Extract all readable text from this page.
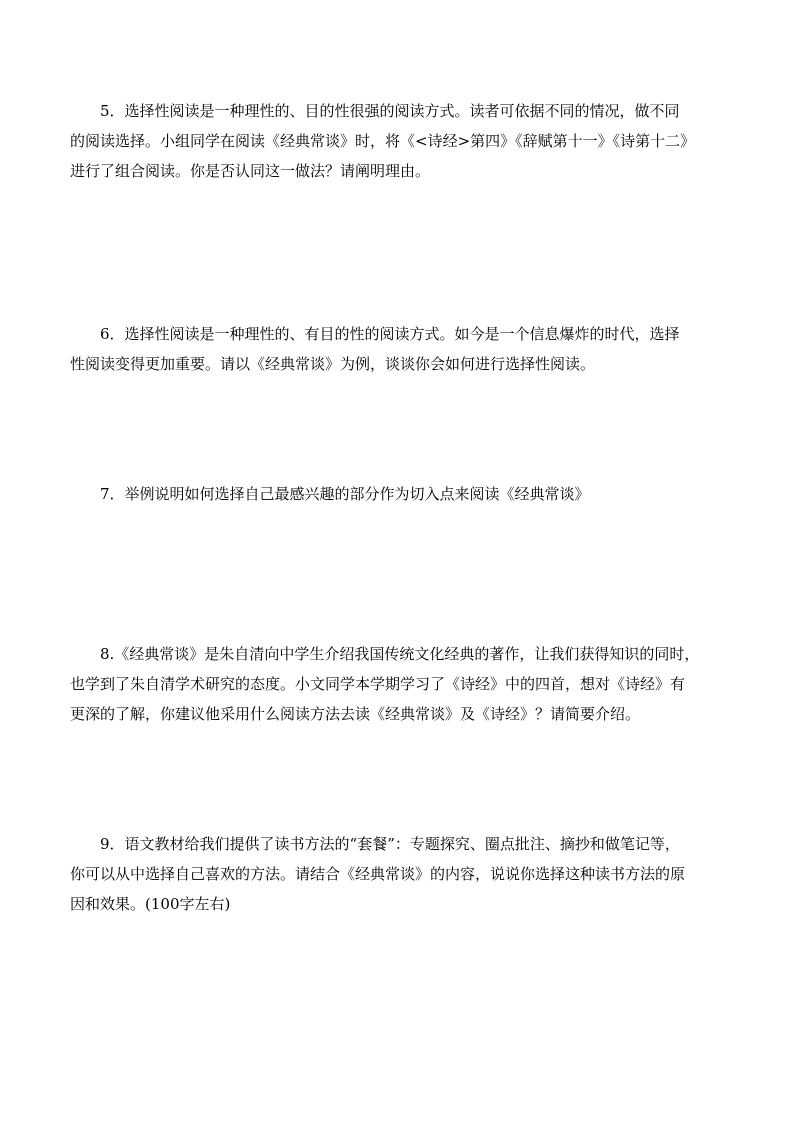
5．选择性阅读是一种理性的、目的性很强的阅读方式。读者可依据不同的情况，做不同
的阅读选择。小组同学在阅读《经典常谈》时，将《<诗经>第四》《辞赋第十一》《诗第十二》
进行了组合阅读。你是否认同这一做法？请阐明理由。
6．选择性阅读是一种理性的、有目的性的阅读方式。如今是一个信息爆炸的时代，选择
性阅读变得更加重要。请以《经典常谈》为例，谈谈你会如何进行选择性阅读。
7．举例说明如何选择自己最感兴趣的部分作为切入点来阅读《经典常谈》
8.《经典常谈》是朱自清向中学生介绍我国传统文化经典的著作，让我们获得知识的同时，
也学到了朱自清学术研究的态度。小文同学本学期学习了《诗经》中的四首，想对《诗经》有
更深的了解，你建议他采用什么阅读方法去读《经典常谈》及《诗经》？请简要介绍。
9．语文教材给我们提供了读书方法的“套餐”：专题探究、圈点批注、摘抄和做笔记等，
你可以从中选择自己喜欢的方法。请结合《经典常谈》的内容，说说你选择这种读书方法的原
因和效果。(100字左右)
